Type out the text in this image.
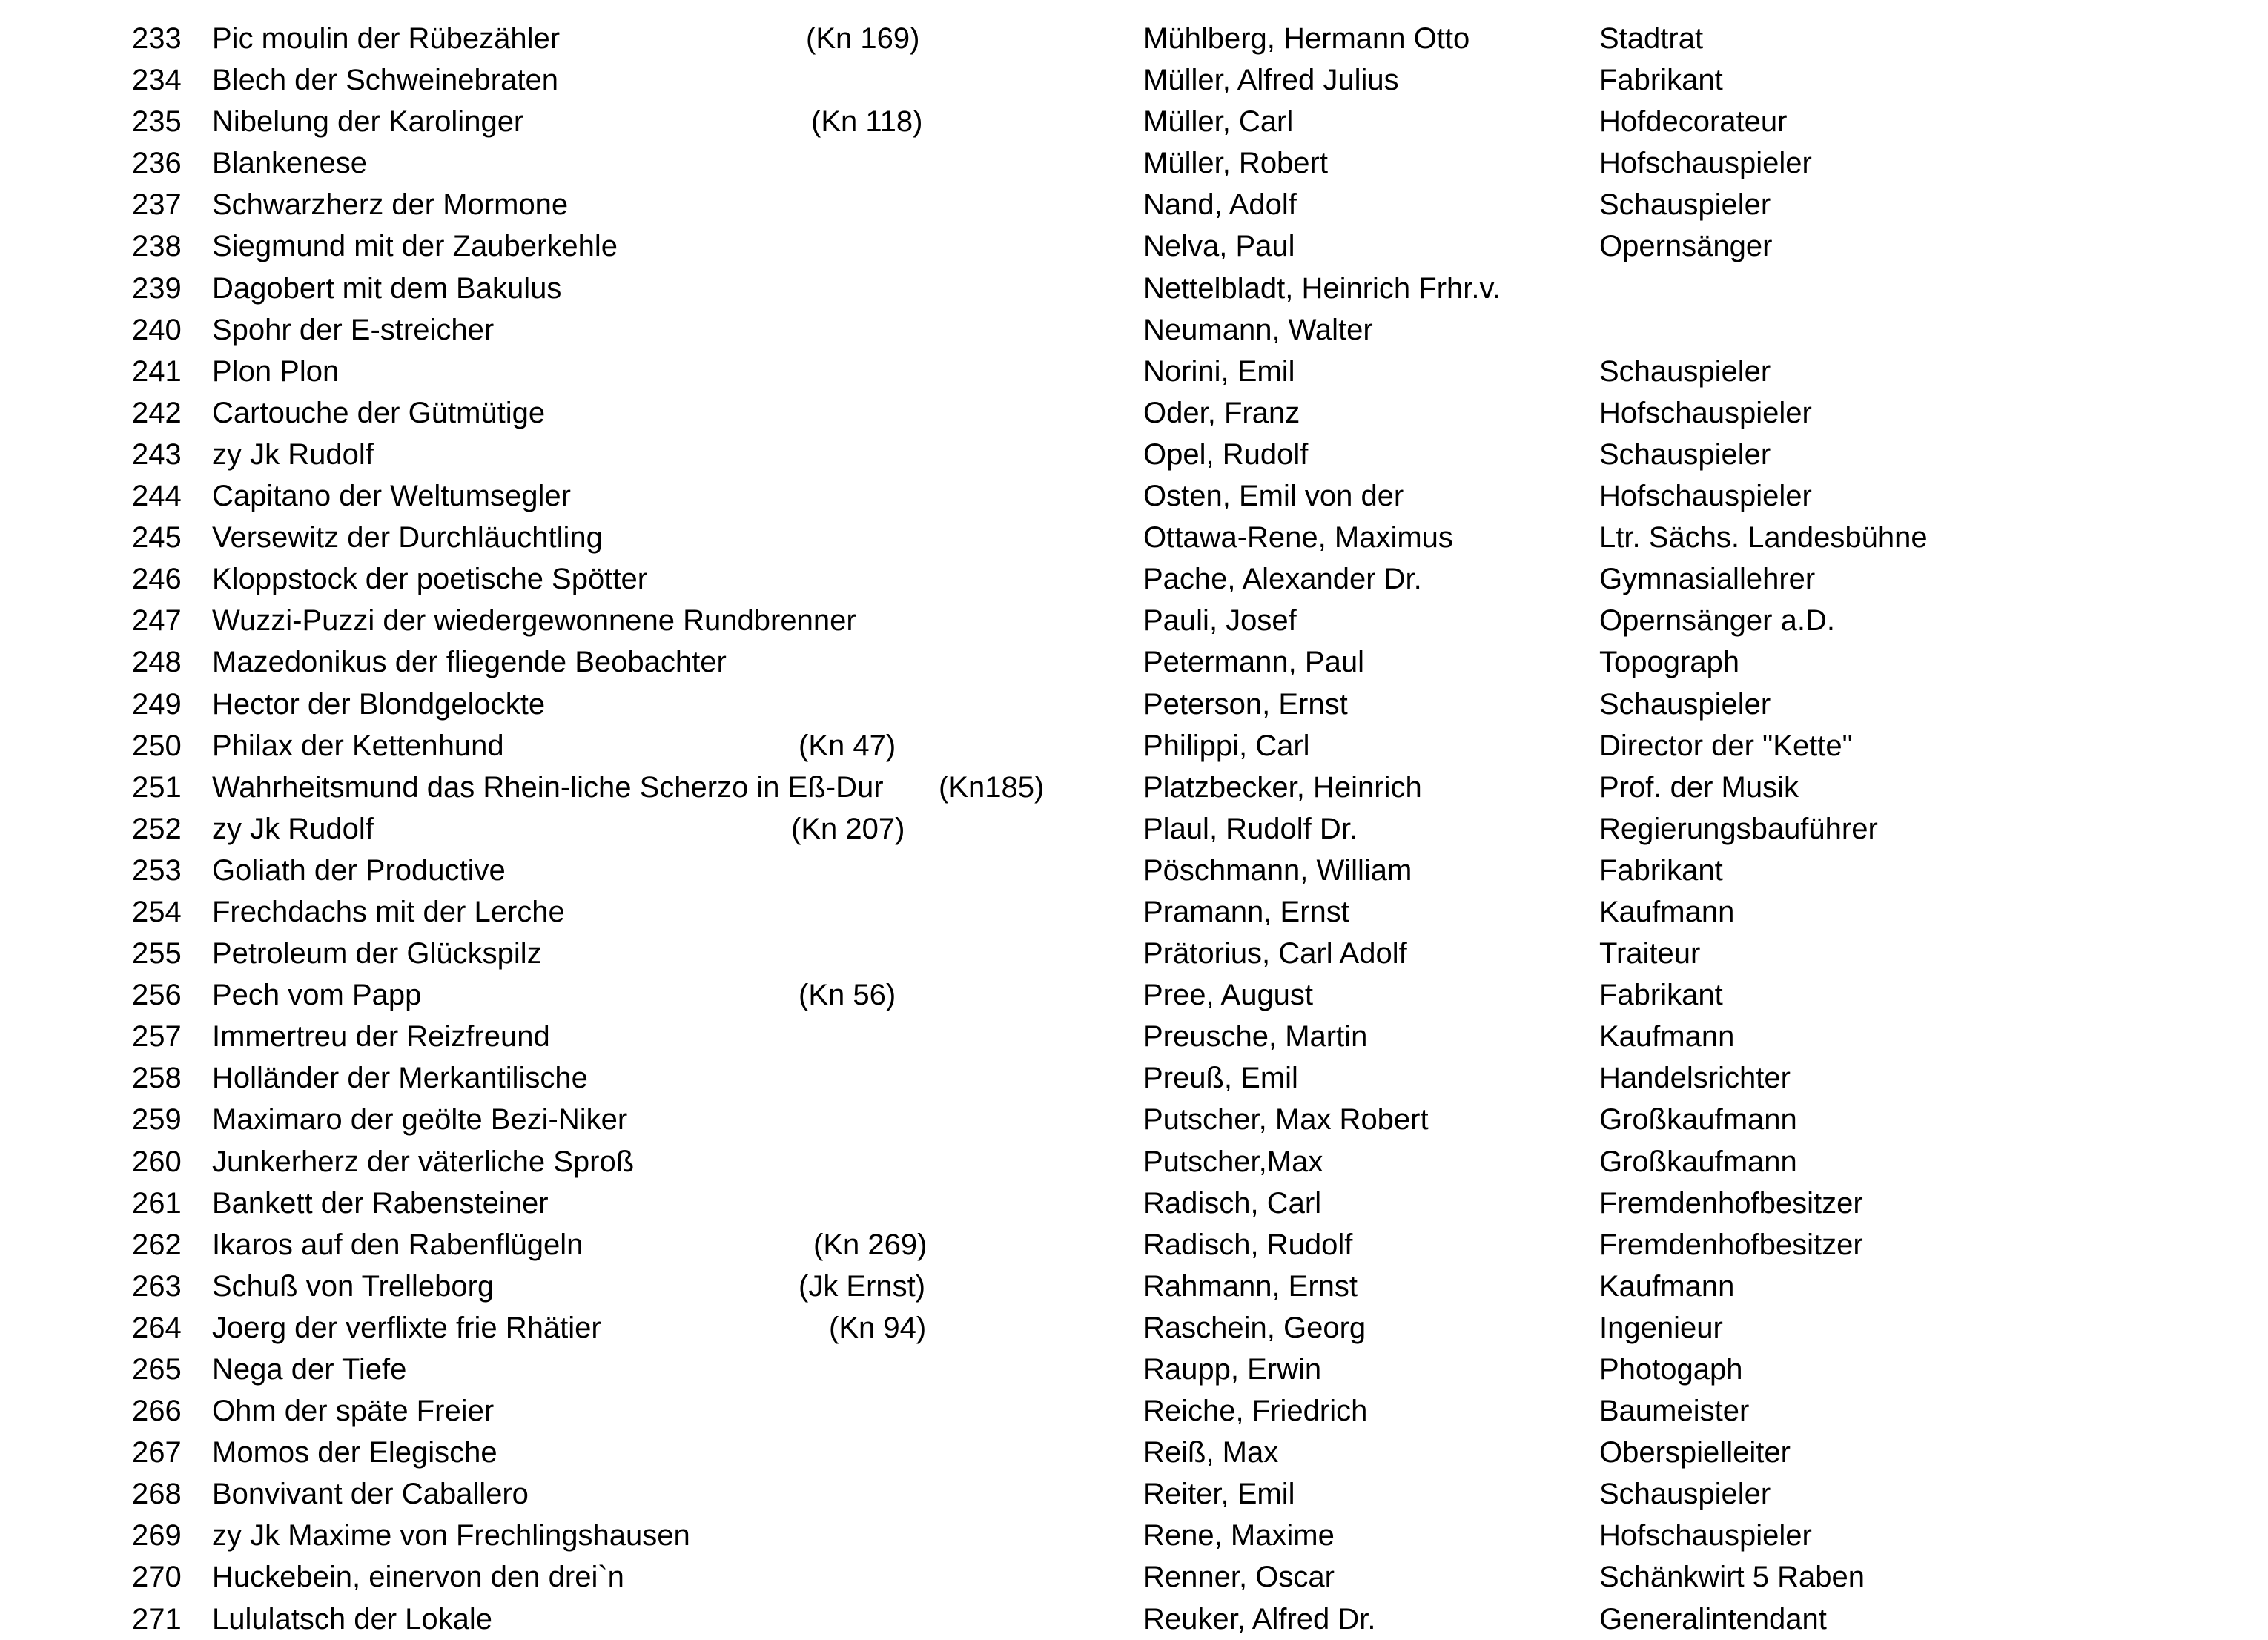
233 Pic moulin der Rübezähler	(Kn 169)	Mühlberg, Hermann Otto	Stadtrat
234 Blech der Schweinebraten	Müller, Alfred Julius	Fabrikant
235 Nibelung der Karolinger	(Kn 118)	Müller, Carl	Hofdecorateur
236 Blankenese	Müller, Robert	Hofschauspieler
237 Schwarzherz der Mormone	Nand, Adolf	Schauspieler
238 Siegmund mit der Zauberkehle	Nelva, Paul	Opernsänger
239 Dagobert mit dem Bakulus	Nettelbladt, Heinrich Frhr.v.
240 Spohr der E-streicher	Neumann, Walter
241 Plon Plon	Norini, Emil	Schauspieler
242 Cartouche der Gütmütige	Oder, Franz	Hofschauspieler
243 zy Jk Rudolf	Opel, Rudolf	Schauspieler
244 Capitano der Weltumsegler	Osten, Emil von der	Hofschauspieler
245 Versewitz der Durchläuchtling	Ottawa-Rene, Maximus	Ltr. Sächs. Landesbühne
246 Kloppstock der poetische Spötter	Pache, Alexander Dr.	Gymnasiallehrer
247 Wuzzi-Puzzi der wiedergewonnene Rundbrenner	Pauli, Josef	Opernsänger a.D.
248 Mazedonikus der fliegende Beobachter	Petermann, Paul	Topograph
249 Hector der Blondgelockte	Peterson, Ernst	Schauspieler
250 Philax der Kettenhund	(Kn 47)	Philippi, Carl	Director der "Kette"
251 Wahrheitsmund das Rhein-liche Scherzo in Eß-Dur (Kn185)	Platzbecker, Heinrich	Prof. der Musik
252 zy Jk Rudolf	(Kn 207)	Plaul, Rudolf Dr.	Regierungsbauführer
253 Goliath der Productive	Pöschmann, William	Fabrikant
254 Frechdachs mit der Lerche	Pramann, Ernst	Kaufmann
255 Petroleum der Glückspilz	Prätorius, Carl Adolf	Traiteur
256 Pech vom Papp	(Kn 56)	Pree, August	Fabrikant
257 Immertreu der Reizfreund	Preusche, Martin	Kaufmann
258 Holländer der Merkantilische	Preuß, Emil	Handelsrichter
259 Maximaro der geölte Bezi-Niker	Putscher, Max Robert	Großkaufmann
260 Junkerherz der väterliche Sproß	Putscher,Max	Großkaufmann
261 Bankett der Rabensteiner	Radisch, Carl	Fremdenhofbesitzer
262 Ikaros auf den Rabenflügeln	(Kn 269)	Radisch, Rudolf	Fremdenhofbesitzer
263 Schuß von Trelleborg	(Jk Ernst)	Rahmann, Ernst	Kaufmann
264 Joerg der verflixte frie Rhätier	(Kn 94)	Raschein, Georg	Ingenieur
265 Nega der Tiefe	Raupp, Erwin	Photogaph
266 Ohm der späte Freier	Reiche, Friedrich	Baumeister
267 Momos der Elegische	Reiß, Max	Oberspielleiter
268 Bonvivant der Caballero	Reiter, Emil	Schauspieler
269 zy Jk Maxime von Frechlingshausen	Rene, Maxime	Hofschauspieler
270 Huckebein, einervon den drei`n	Renner, Oscar	Schänkwirt 5 Raben
271 Lululatsch der Lokale	Reuker, Alfred Dr.	Generalintendant
